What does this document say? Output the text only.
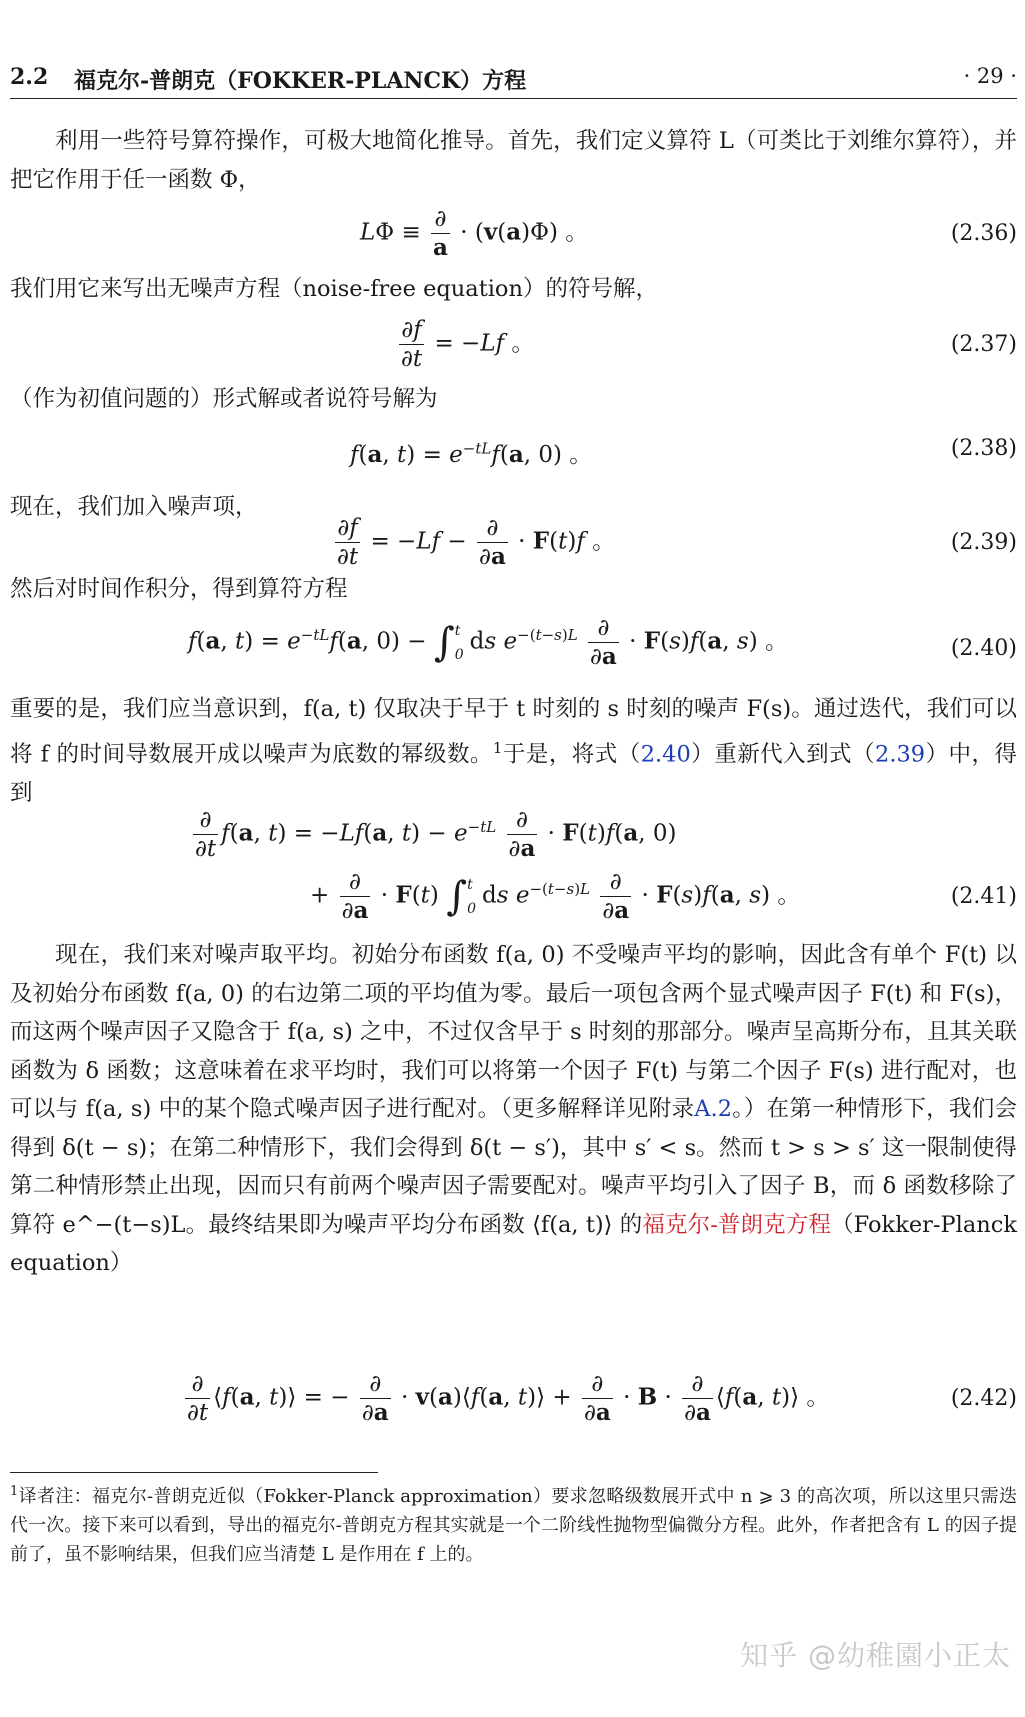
2.2 福克尔-普朗克（FOKKER-PLANCK）方程	· 29 ·

利用一些符号算符操作，可极大地简化推导。首先，我们定义算符 L（可类比于刘维尔算符），并把它作用于任一函数 Φ，

$L\Phi \equiv \frac{\partial}{a} \cdot (v(a)\Phi)$ 。	(2.36)

我们用它来写出无噪声方程（noise-free equation）的符号解，

$\frac{\partial f}{\partial t} = -Lf$ 。	(2.37)

（作为初值问题的）形式解或者说符号解为

f(a, $t) = e^{-tL}f(a$, 0) 。	(2.38)

现在，我们加入噪声项，

$\frac{\partial f}{\partial t} = -Lf - \frac{\partial}{\partial a} \cdot F(t)f$ 。	(2.39)

然后对时间作积分，得到算符方程

f(a, $t) = e^{-tL}f(a$, 0) − ∫ t
0 ds $e^{-(t-s)L} \frac{\partial}{\partial a} \cdot F(s)f(a$, s) 。	(2.40)

重要的是，我们应当意识到，f(a, t) 仅取决于早于 t 时刻的 s 时刻的噪声 F(s)。通过迭代，我们可以将 f 的时间导数展开成以噪声为底数的幂级数。$^1$于是，将式（2.40）重新代入到式（2.39）中，得到

$\frac{\partial}{\partial t} f(a$, t) = −Lf(a, $t) - e^{-tL} \frac{\partial}{\partial a} \cdot F(t)f(a$, 0)
+ $\frac{\partial}{\partial a} \cdot F(t)$ ∫ t
0 ds $e^{-(t-s)L} \frac{\partial}{\partial a} \cdot F(s)f(a$, s) 。	(2.41)

现在，我们来对噪声取平均。初始分布函数 f(a, 0) 不受噪声平均的影响，因此含有单个 F(t) 以及初始分布函数 f(a, 0) 的右边第二项的平均值为零。最后一项包含两个显式噪声因子 F(t) 和 F(s)，而这两个噪声因子又隐含于 f(a, s) 之中，不过仅含早于 s 时刻的那部分。噪声呈高斯分布，且其关联函数为 δ 函数；这意味着在求平均时，我们可以将第一个因子 F(t) 与第二个因子 F(s) 进行配对，也可以与 f(a, s) 中的某个隐式噪声因子进行配对。（更多解释详见附录A.2。）在第一种情形下，我们会得到 δ(t − s)；在第二种情形下，我们会得到 δ(t − s′)，其中 s′ < s。然而 t > s > s′ 这一限制使得第二种情形禁止出现，因而只有前两个噪声因子需要配对。噪声平均引入了因子 B，而 δ 函数移除了算符 e^−(t−s)L。最终结果即为噪声平均分布函数 ⟨f(a, t)⟩ 的福克尔-普朗克方程（Fokker-Planck equation）

$\frac{\partial}{\partial t}$ ⟨f(a, t)⟩ = − $\frac{\partial}{\partial a}$ · v(a)⟨f(a, t)⟩ + $\frac{\partial}{\partial a} \cdot B \cdot \frac{\partial}{\partial a}$ ⟨f(a, t)⟩ 。	(2.42)

$^1$译者注：福克尔-普朗克近似（Fokker-Planck approximation）要求忽略级数展开式中 n ⩾ 3 的高次项，所以这里只需迭代一次。接下来可以看到，导出的福克尔-普朗克方程其实就是一个二阶线性抛物型偏微分方程。此外，作者把含有 L 的因子提前了，虽不影响结果，但我们应当清楚 L 是作用在 f 上的。

知乎 @幼稚園小正太
